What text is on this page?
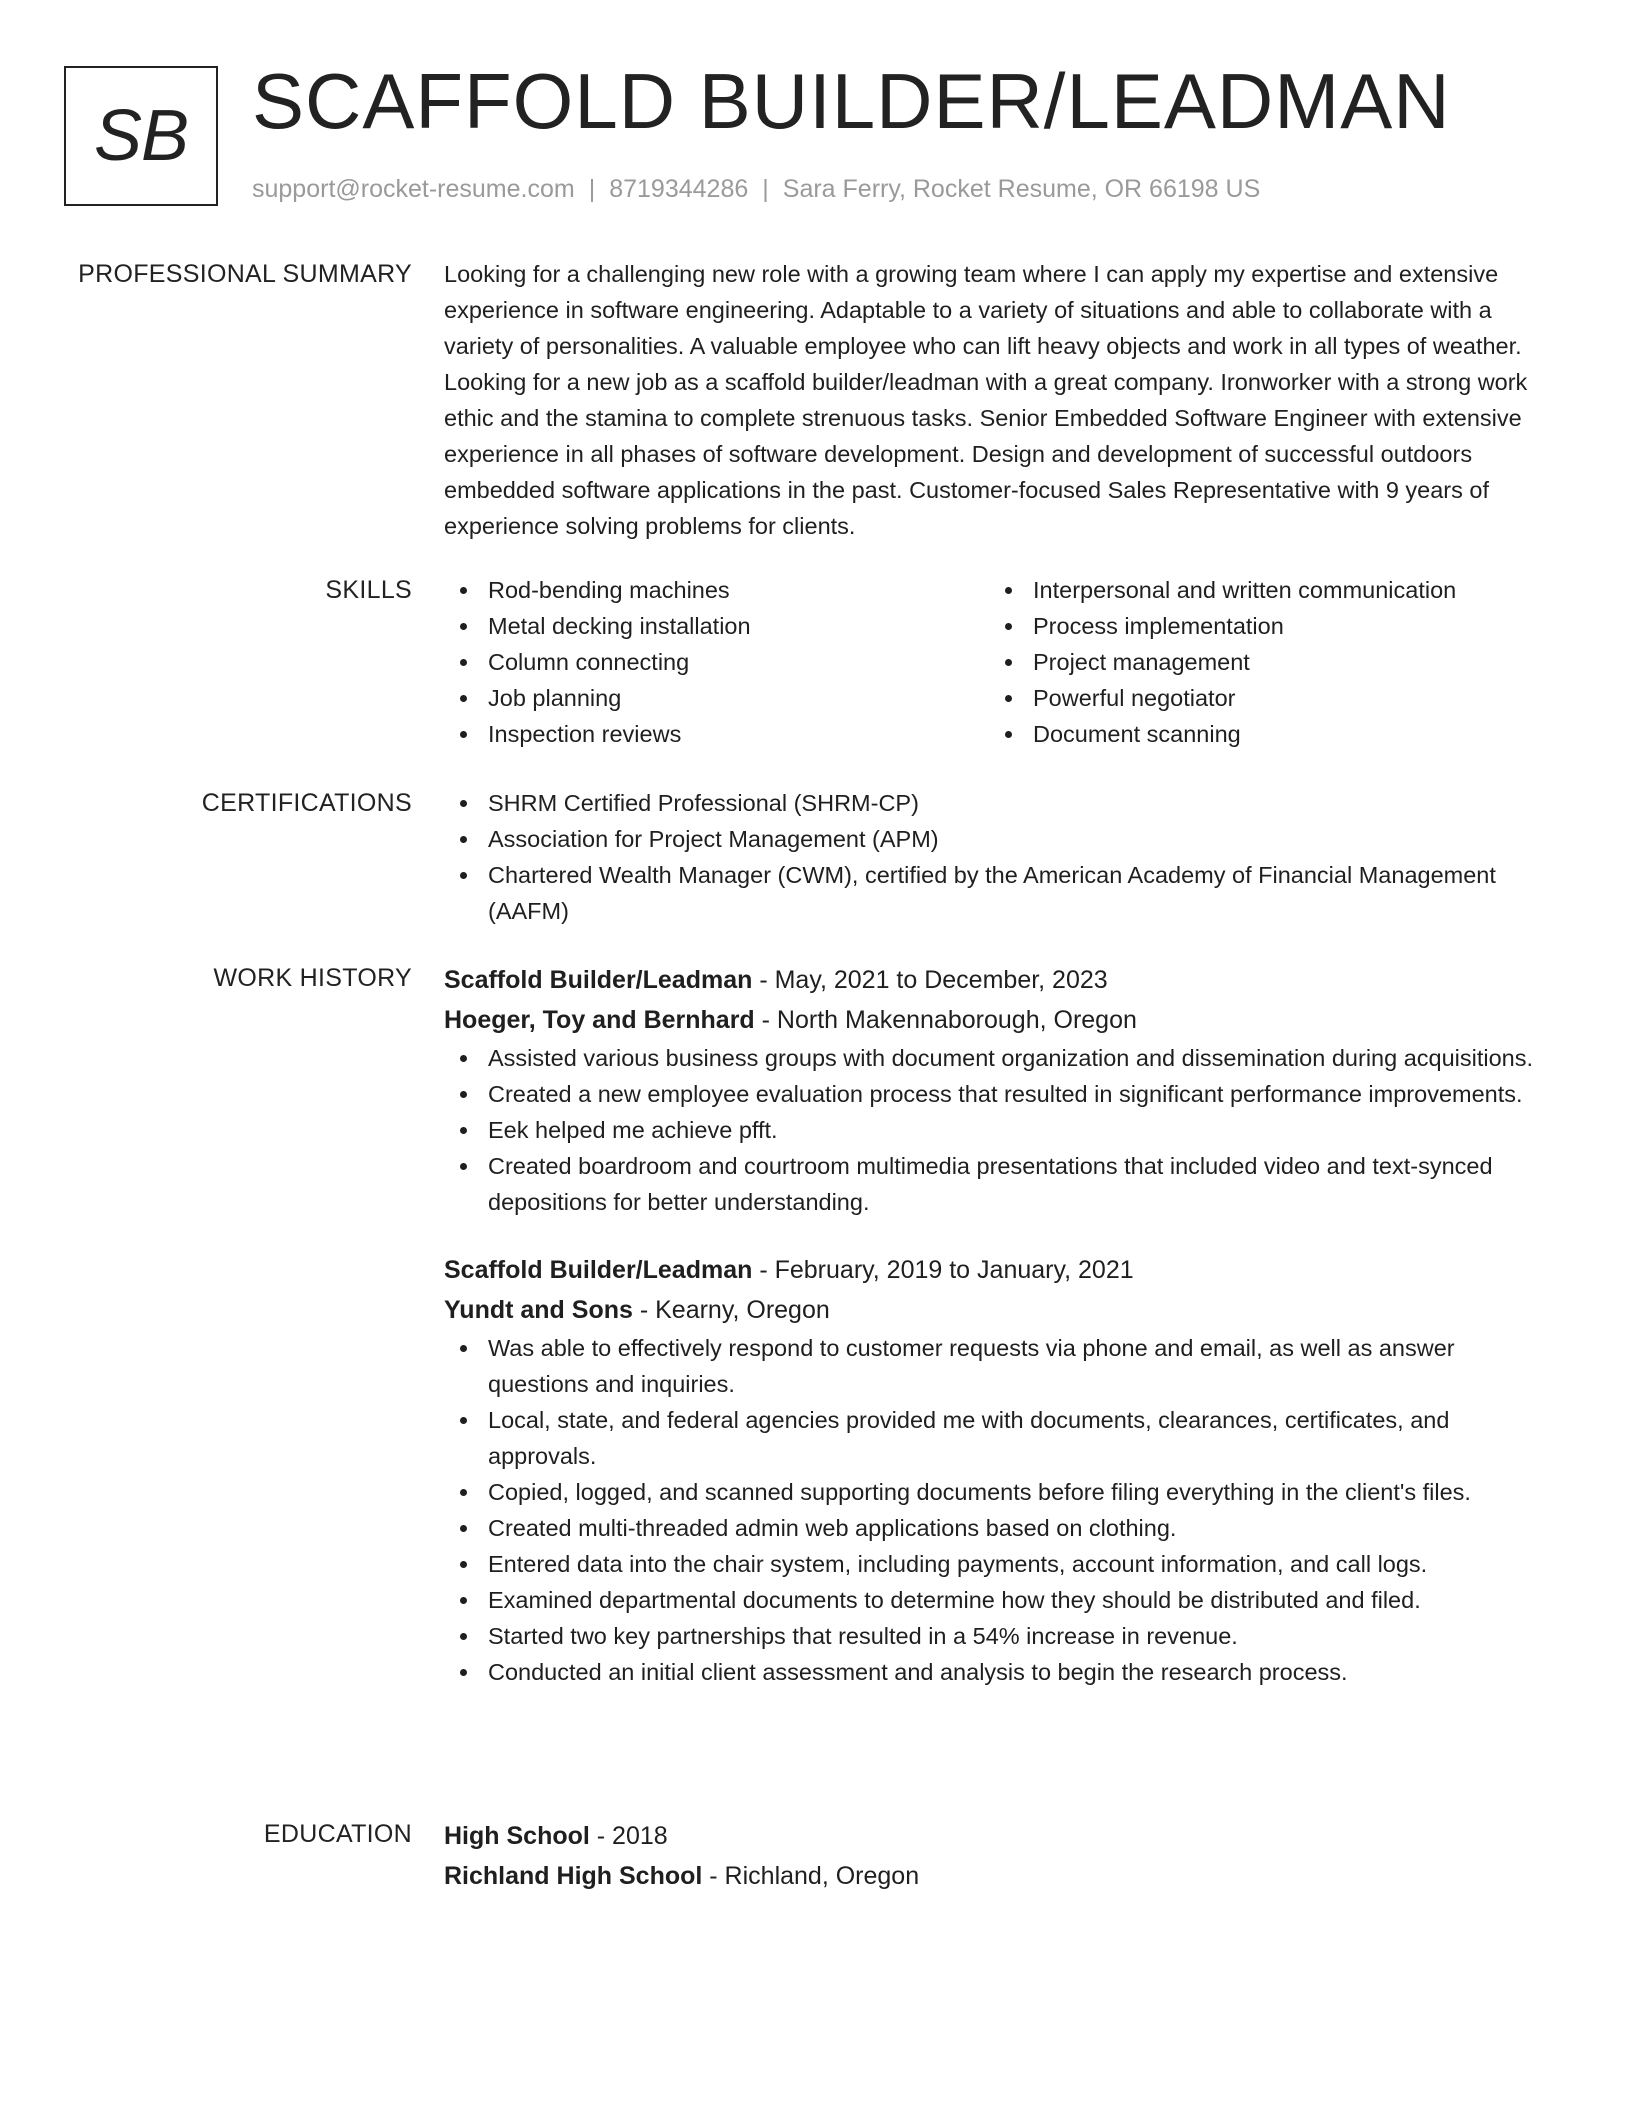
SB SCAFFOLD BUILDER/LEADMAN
support@rocket-resume.com | 8719344286 | Sara Ferry, Rocket Resume, OR 66198 US
PROFESSIONAL SUMMARY Looking for a challenging new role with a growing team where I can apply my expertise and extensive experience in software engineering. Adaptable to a variety of situations and able to collaborate with a variety of personalities. A valuable employee who can lift heavy objects and work in all types of weather. Looking for a new job as a scaffold builder/leadman with a great company. Ironworker with a strong work ethic and the stamina to complete strenuous tasks. Senior Embedded Software Engineer with extensive experience in all phases of software development. Design and development of successful outdoors embedded software applications in the past. Customer-focused Sales Representative with 9 years of experience solving problems for clients.

SKILLS	Rod-bending machines
Metal decking installation
Column connecting
Job planning
Inspection reviews
Interpersonal and written communication
Process implementation
Project management
Powerful negotiator
Document scanning
CERTIFICATIONS	SHRM Certified Professional (SHRM-CP)
Association for Project Management (APM)
Chartered Wealth Manager (CWM), certified by the American Academy of Financial Management (AAFM)
WORK HISTORY Scaffold Builder/Leadman - May, 2021 to December, 2023
Hoeger, Toy and Bernhard - North Makennaborough, Oregon
Assisted various business groups with document organization and dissemination during acquisitions.
Created a new employee evaluation process that resulted in significant performance improvements.
Eek helped me achieve pfft.
Created boardroom and courtroom multimedia presentations that included video and text-synced depositions for better understanding.
Scaffold Builder/Leadman - February, 2019 to January, 2021
Yundt and Sons - Kearny, Oregon
Was able to effectively respond to customer requests via phone and email, as well as answer questions and inquiries.
Local, state, and federal agencies provided me with documents, clearances, certificates, and approvals.
Copied, logged, and scanned supporting documents before filing everything in the client's files.
Created multi-threaded admin web applications based on clothing.
Entered data into the chair system, including payments, account information, and call logs.
Examined departmental documents to determine how they should be distributed and filed.
Started two key partnerships that resulted in a 54% increase in revenue.
Conducted an initial client assessment and analysis to begin the research process.
EDUCATION High School - 2018
Richland High School - Richland, Oregon
